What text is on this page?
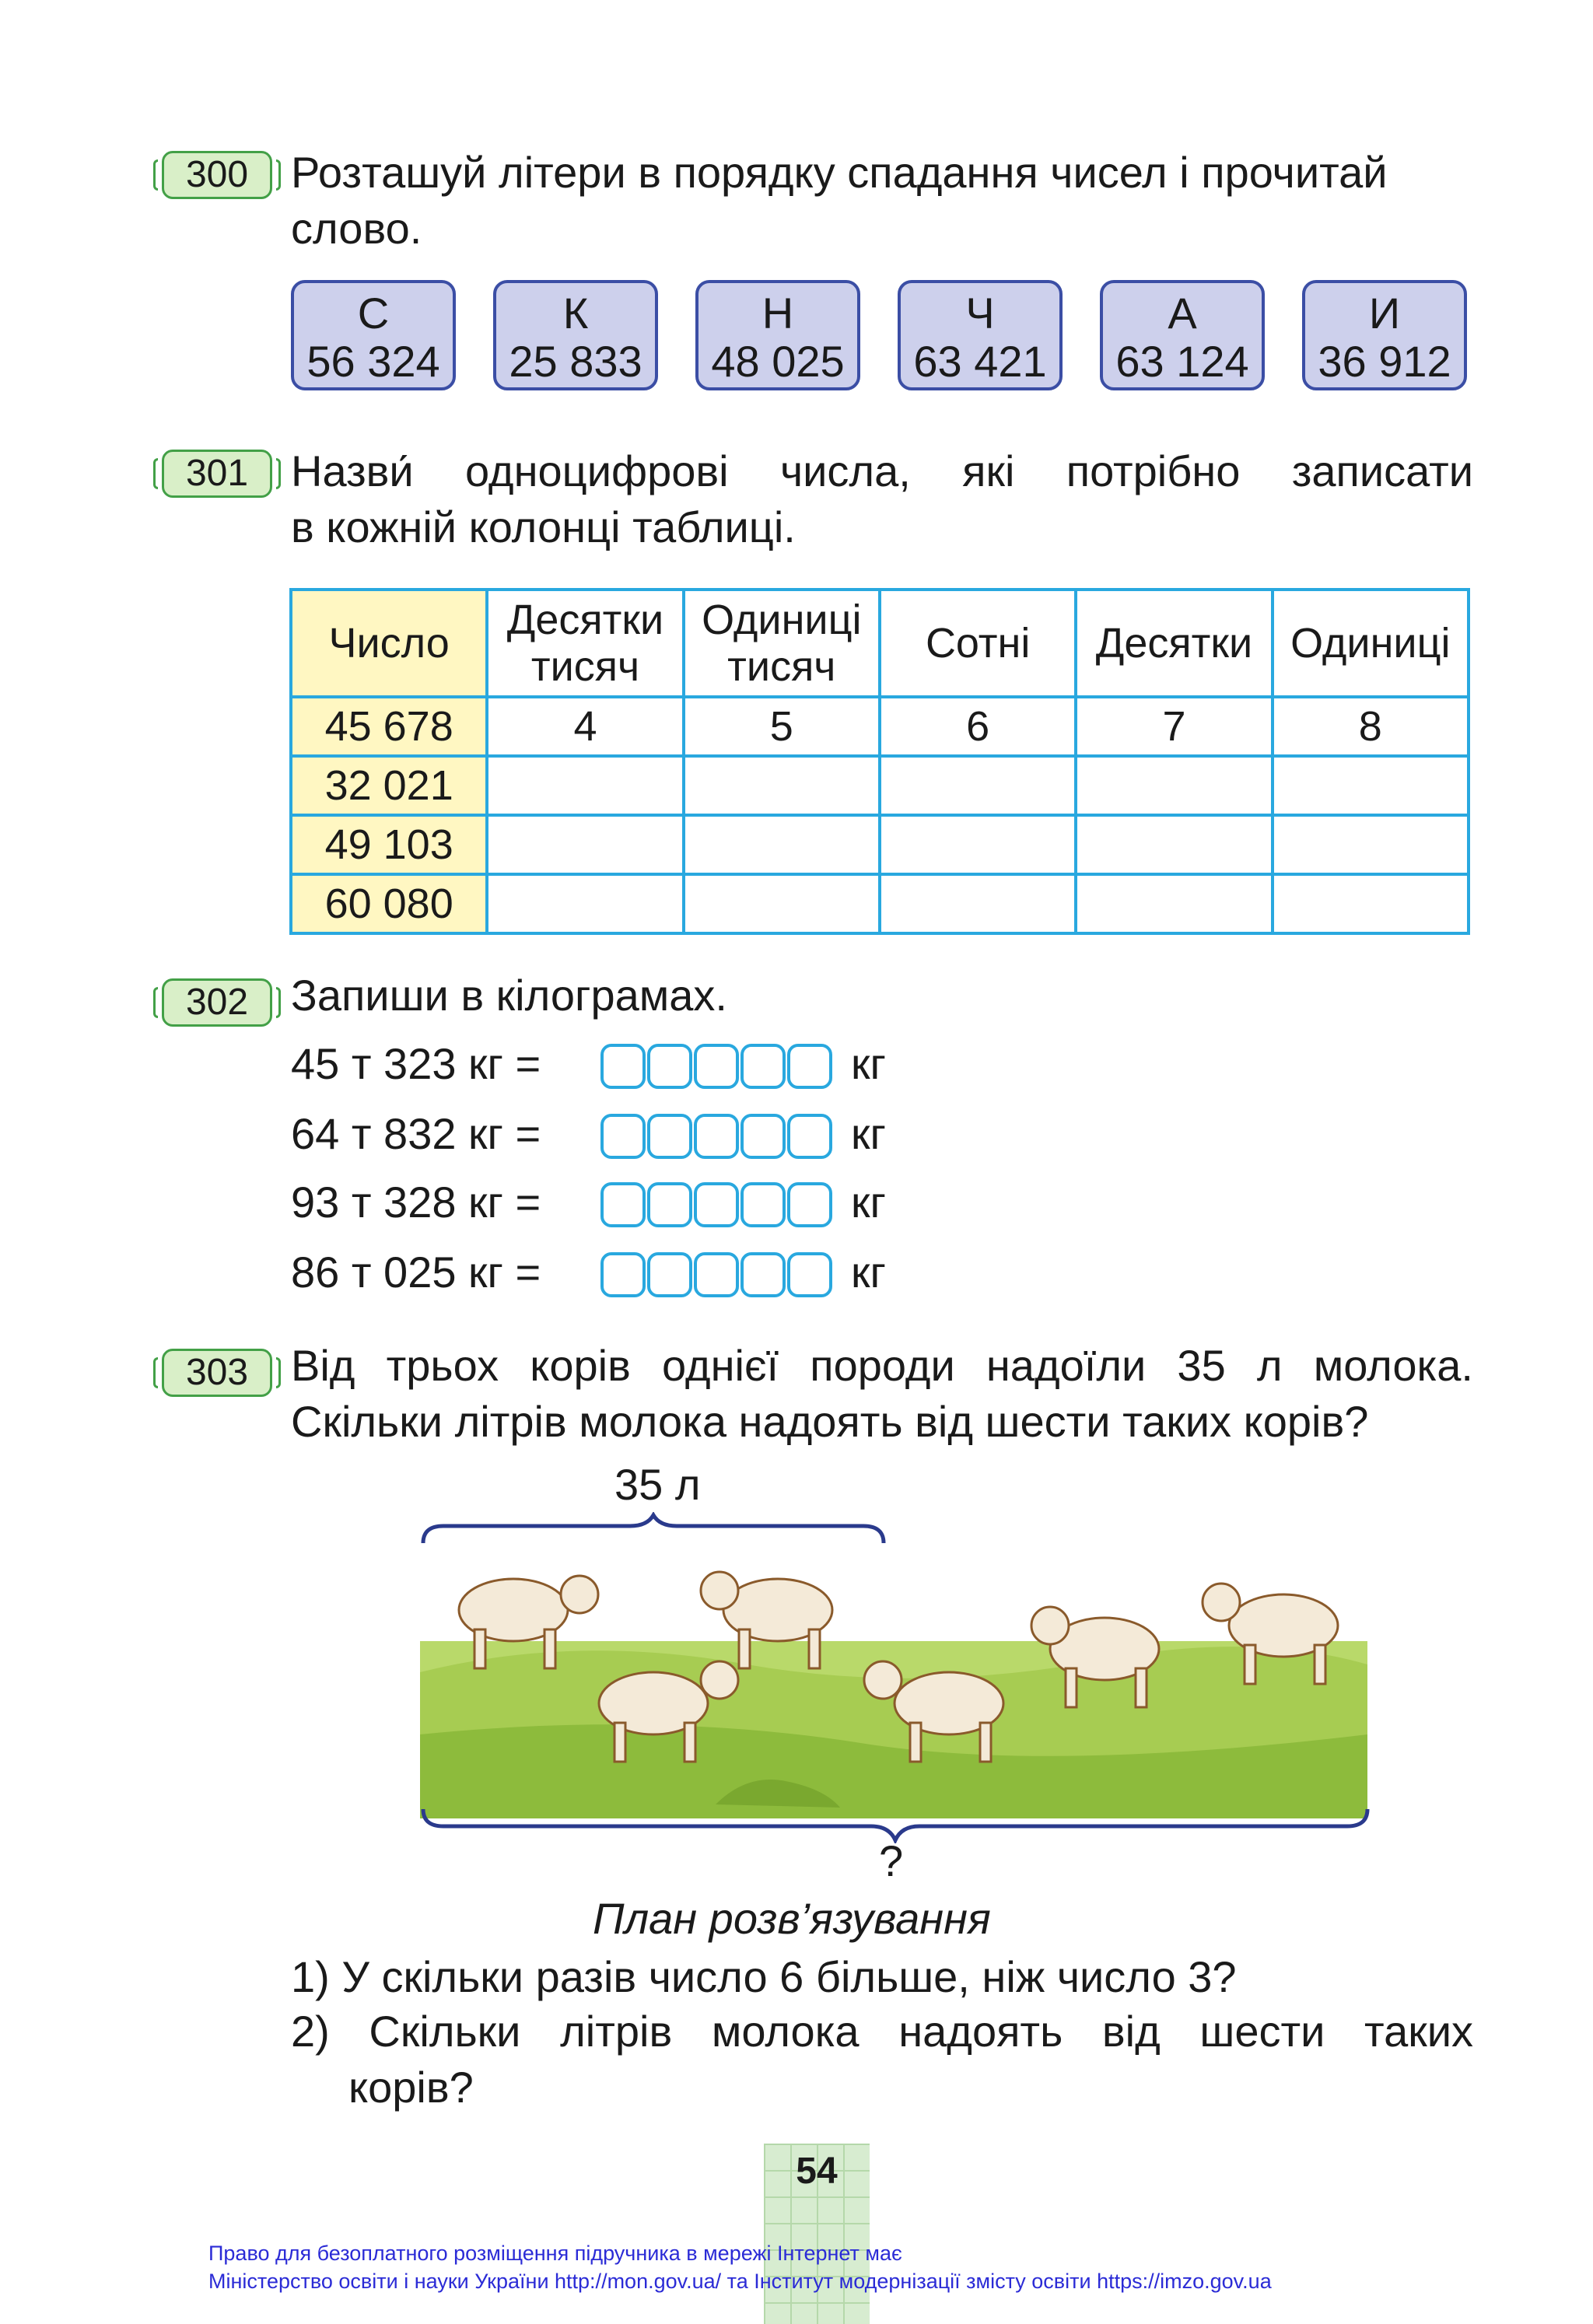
300 Розташуй літери в порядку спадання чисел і прочитай
слово.
С
56 324
К
25 833
Н
48 025
Ч
63 421
А
63 124
И
36 912
301 Назви́ одноцифрові числа, які потрібно записати
в кожній колонці таблиці.
Число	Десятки тисяч	Одиниці тисяч	Сотні	Десятки	Одиниці
45 678	4	5	6	7	8
32 021					
49 103					
60 080					
302 Запиши в кілограмах.
45 т 323 кг =	кг
64 т 832 кг =	кг
93 т 328 кг =	кг
86 т 025 кг =	кг
303 Від трьох корів однієї породи надоїли 35 л молока.
Скільки літрів молока надоять від шести таких корів?
35 л
?
План розв’язування
1) У скільки разів число 6 більше, ніж число 3?
2) Скільки літрів молока надоять від шести таких
корів?
54
Право для безоплатного розміщення підручника в мережі Інтернет має
Міністерство освіти і науки України http://mon.gov.ua/ та Інститут модернізації змісту освіти https://imzo.gov.ua
